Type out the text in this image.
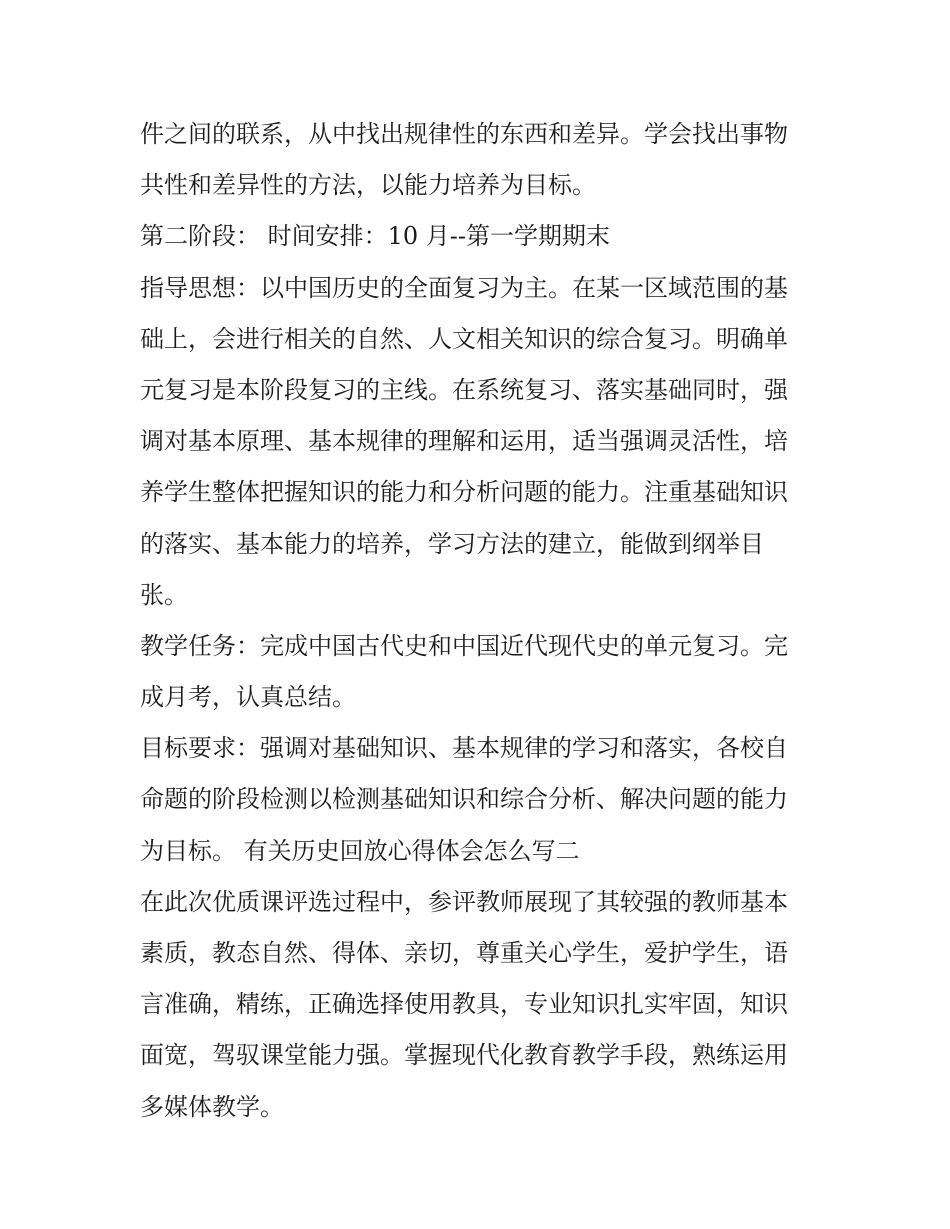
件之间的联系，从中找出规律性的东西和差异。学会找出事物
共性和差异性的方法，以能力培养为目标。
第二阶段： 时间安排：10 月--第一学期期末
指导思想：以中国历史的全面复习为主。在某一区域范围的基
础上，会进行相关的自然、人文相关知识的综合复习。明确单
元复习是本阶段复习的主线。在系统复习、落实基础同时，强
调对基本原理、基本规律的理解和运用，适当强调灵活性，培
养学生整体把握知识的能力和分析问题的能力。注重基础知识
的落实、基本能力的培养，学习方法的建立，能做到纲举目
张。
教学任务：完成中国古代史和中国近代现代史的单元复习。完
成月考，认真总结。
目标要求：强调对基础知识、基本规律的学习和落实，各校自
命题的阶段检测以检测基础知识和综合分析、解决问题的能力
为目标。 有关历史回放心得体会怎么写二
在此次优质课评选过程中，参评教师展现了其较强的教师基本
素质，教态自然、得体、亲切，尊重关心学生，爱护学生，语
言准确，精练，正确选择使用教具，专业知识扎实牢固，知识
面宽，驾驭课堂能力强。掌握现代化教育教学手段，熟练运用
多媒体教学。
